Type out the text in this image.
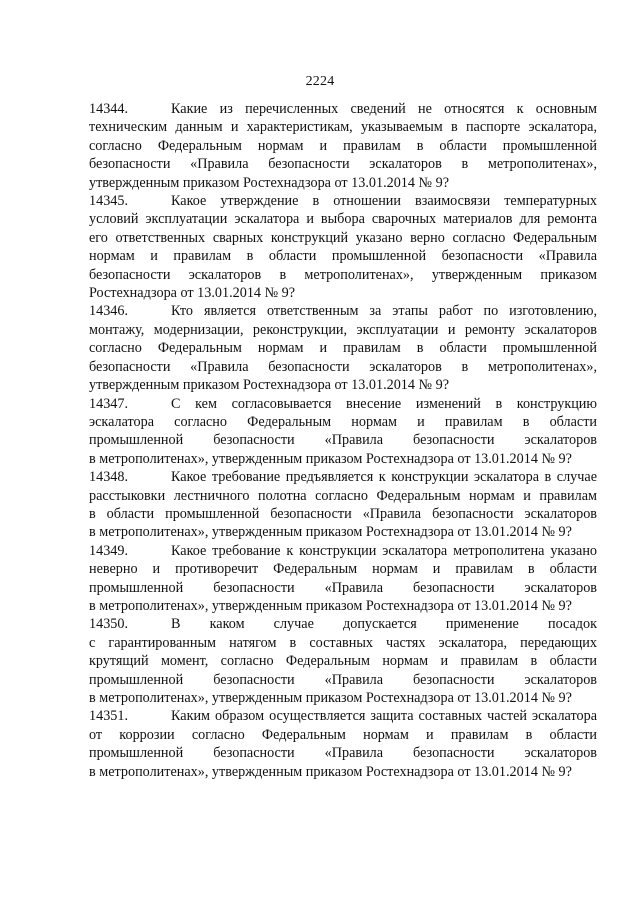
2224
14344.	Какие из перечисленных сведений не относятся к основным
техническим данным и характеристикам, указываемым в паспорте эскалатора,
согласно Федеральным нормам и правилам в области промышленной
безопасности «Правила безопасности эскалаторов в метрополитенах»,
утвержденным приказом Ростехнадзора от 13.01.2014 № 9?
14345.	Какое утверждение в отношении взаимосвязи температурных
условий эксплуатации эскалатора и выбора сварочных материалов для ремонта
его ответственных сварных конструкций указано верно согласно Федеральным
нормам и правилам в области промышленной безопасности «Правила
безопасности эскалаторов в метрополитенах», утвержденным приказом
Ростехнадзора от 13.01.2014 № 9?
14346.	Кто является ответственным за этапы работ по изготовлению,
монтажу, модернизации, реконструкции, эксплуатации и ремонту эскалаторов
согласно Федеральным нормам и правилам в области промышленной
безопасности «Правила безопасности эскалаторов в метрополитенах»,
утвержденным приказом Ростехнадзора от 13.01.2014 № 9?
14347.	С кем согласовывается внесение изменений в конструкцию
эскалатора согласно Федеральным нормам и правилам в области
промышленной безопасности «Правила безопасности эскалаторов
в метрополитенах», утвержденным приказом Ростехнадзора от 13.01.2014 № 9?
14348.	Какое требование предъявляется к конструкции эскалатора в случае
расстыковки лестничного полотна согласно Федеральным нормам и правилам
в области промышленной безопасности «Правила безопасности эскалаторов
в метрополитенах», утвержденным приказом Ростехнадзора от 13.01.2014 № 9?
14349.	Какое требование к конструкции эскалатора метрополитена указано
неверно и противоречит Федеральным нормам и правилам в области
промышленной безопасности «Правила безопасности эскалаторов
в метрополитенах», утвержденным приказом Ростехнадзора от 13.01.2014 № 9?
14350.	В каком случае допускается применение посадок
с гарантированным натягом в составных частях эскалатора, передающих
крутящий момент, согласно Федеральным нормам и правилам в области
промышленной безопасности «Правила безопасности эскалаторов
в метрополитенах», утвержденным приказом Ростехнадзора от 13.01.2014 № 9?
14351.	Каким образом осуществляется защита составных частей эскалатора
от коррозии согласно Федеральным нормам и правилам в области
промышленной безопасности «Правила безопасности эскалаторов
в метрополитенах», утвержденным приказом Ростехнадзора от 13.01.2014 № 9?
